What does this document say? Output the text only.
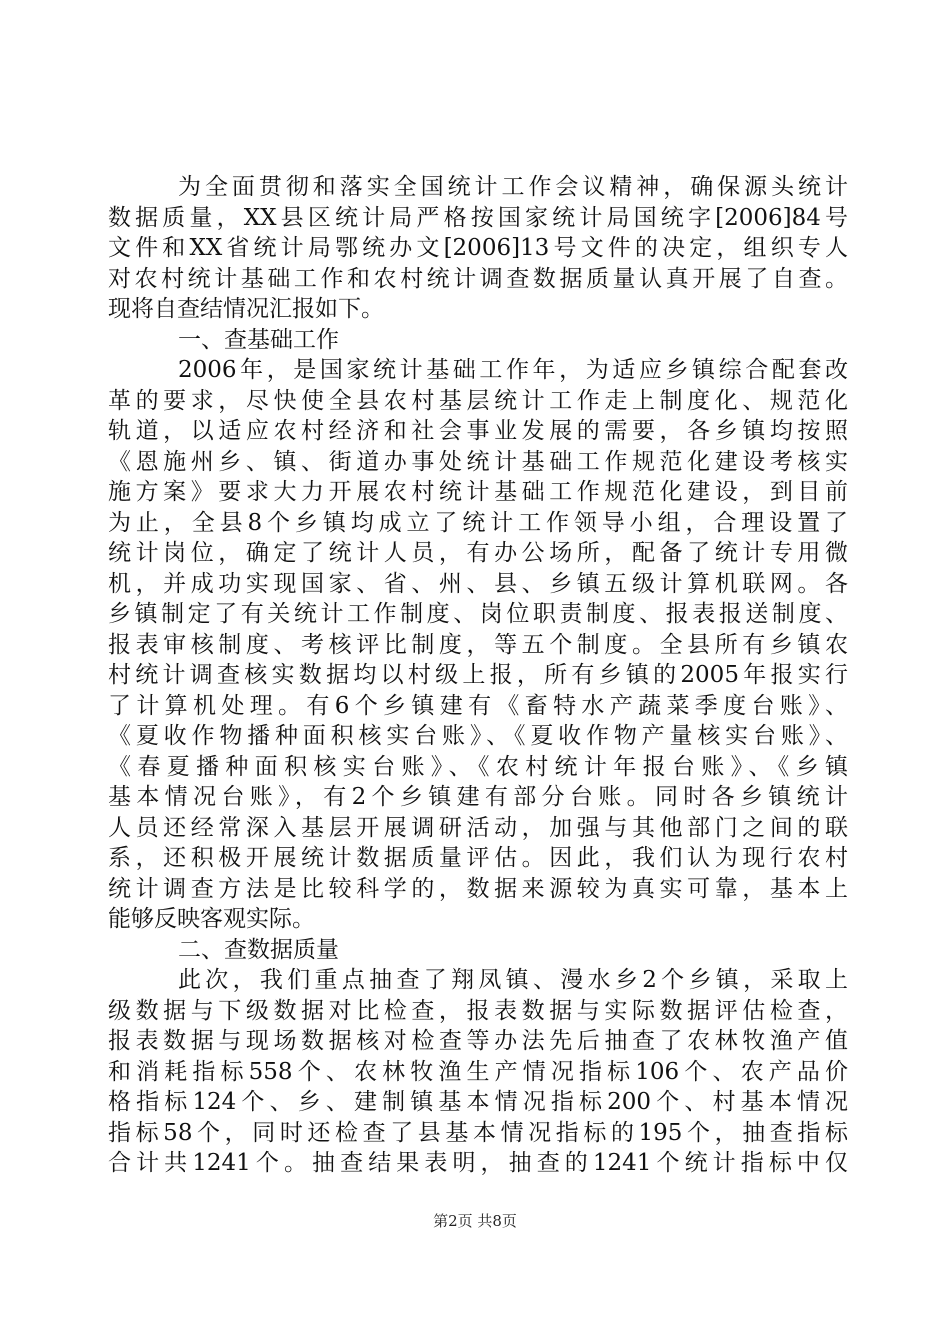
为全面贯彻和落实全国统计工作会议精神，确保源头统计
数据质量，XX县区统计局严格按国家统计局国统字[2006]84号
文件和XX省统计局鄂统办文[2006]13号文件的决定，组织专人
对农村统计基础工作和农村统计调查数据质量认真开展了自查。
现将自查结情况汇报如下。
一、查基础工作
2006年，是国家统计基础工作年，为适应乡镇综合配套改
革的要求，尽快使全县农村基层统计工作走上制度化、规范化
轨道，以适应农村经济和社会事业发展的需要，各乡镇均按照
《恩施州乡、镇、街道办事处统计基础工作规范化建设考核实
施方案》要求大力开展农村统计基础工作规范化建设，到目前
为止，全县8个乡镇均成立了统计工作领导小组，合理设置了
统计岗位，确定了统计人员，有办公场所，配备了统计专用微
机，并成功实现国家、省、州、县、乡镇五级计算机联网。各
乡镇制定了有关统计工作制度、岗位职责制度、报表报送制度、
报表审核制度、考核评比制度，等五个制度。全县所有乡镇农
村统计调查核实数据均以村级上报，所有乡镇的2005年报实行
了计算机处理。有6个乡镇建有《畜特水产蔬菜季度台账》、
《夏收作物播种面积核实台账》、《夏收作物产量核实台账》、
《春夏播种面积核实台账》、《农村统计年报台账》、《乡镇
基本情况台账》，有2个乡镇建有部分台账。同时各乡镇统计
人员还经常深入基层开展调研活动，加强与其他部门之间的联
系，还积极开展统计数据质量评估。因此，我们认为现行农村
统计调查方法是比较科学的，数据来源较为真实可靠，基本上
能够反映客观实际。
二、查数据质量
此次，我们重点抽查了翔凤镇、漫水乡2个乡镇，采取上
级数据与下级数据对比检查，报表数据与实际数据评估检查，
报表数据与现场数据核对检查等办法先后抽查了农林牧渔产值
和消耗指标558个、农林牧渔生产情况指标106个、农产品价
格指标124个、乡、建制镇基本情况指标200个、村基本情况
指标58个，同时还检查了县基本情况指标的195个，抽查指标
合计共1241个。抽查结果表明，抽查的1241个统计指标中仅
第2页 共8页
